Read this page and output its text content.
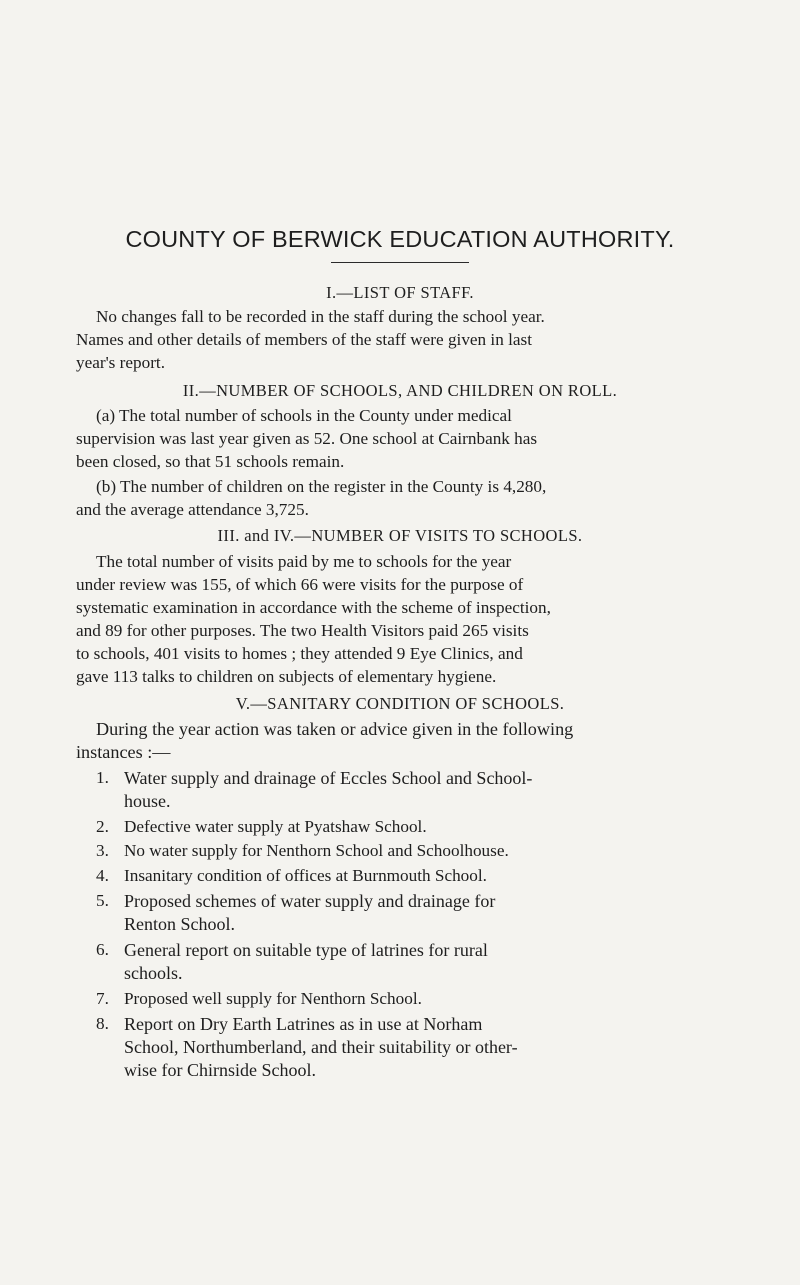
COUNTY OF BERWICK EDUCATION AUTHORITY.
I.—LIST OF STAFF.
No changes fall to be recorded in the staff during the school year.
Names and other details of members of the staff were given in last
year's report.
II.—NUMBER OF SCHOOLS, AND CHILDREN ON ROLL.
(a) The total number of schools in the County under medical
supervision was last year given as 52. One school at Cairnbank has
been closed, so that 51 schools remain.
(b) The number of children on the register in the County is 4,280,
and the average attendance 3,725.
III. and IV.—NUMBER OF VISITS TO SCHOOLS.
The total number of visits paid by me to schools for the year
under review was 155, of which 66 were visits for the purpose of
systematic examination in accordance with the scheme of inspection,
and 89 for other purposes. The two Health Visitors paid 265 visits
to schools, 401 visits to homes ; they attended 9 Eye Clinics, and
gave 113 talks to children on subjects of elementary hygiene.
V.—SANITARY CONDITION OF SCHOOLS.
During the year action was taken or advice given in the following
instances :—
1. Water supply and drainage of Eccles School and School-
house.
2. Defective water supply at Pyatshaw School.
3. No water supply for Nenthorn School and Schoolhouse.
4. Insanitary condition of offices at Burnmouth School.
5. Proposed schemes of water supply and drainage for
Renton School.
6. General report on suitable type of latrines for rural
schools.
7. Proposed well supply for Nenthorn School.
8. Report on Dry Earth Latrines as in use at Norham
School, Northumberland, and their suitability or other-
wise for Chirnside School.
